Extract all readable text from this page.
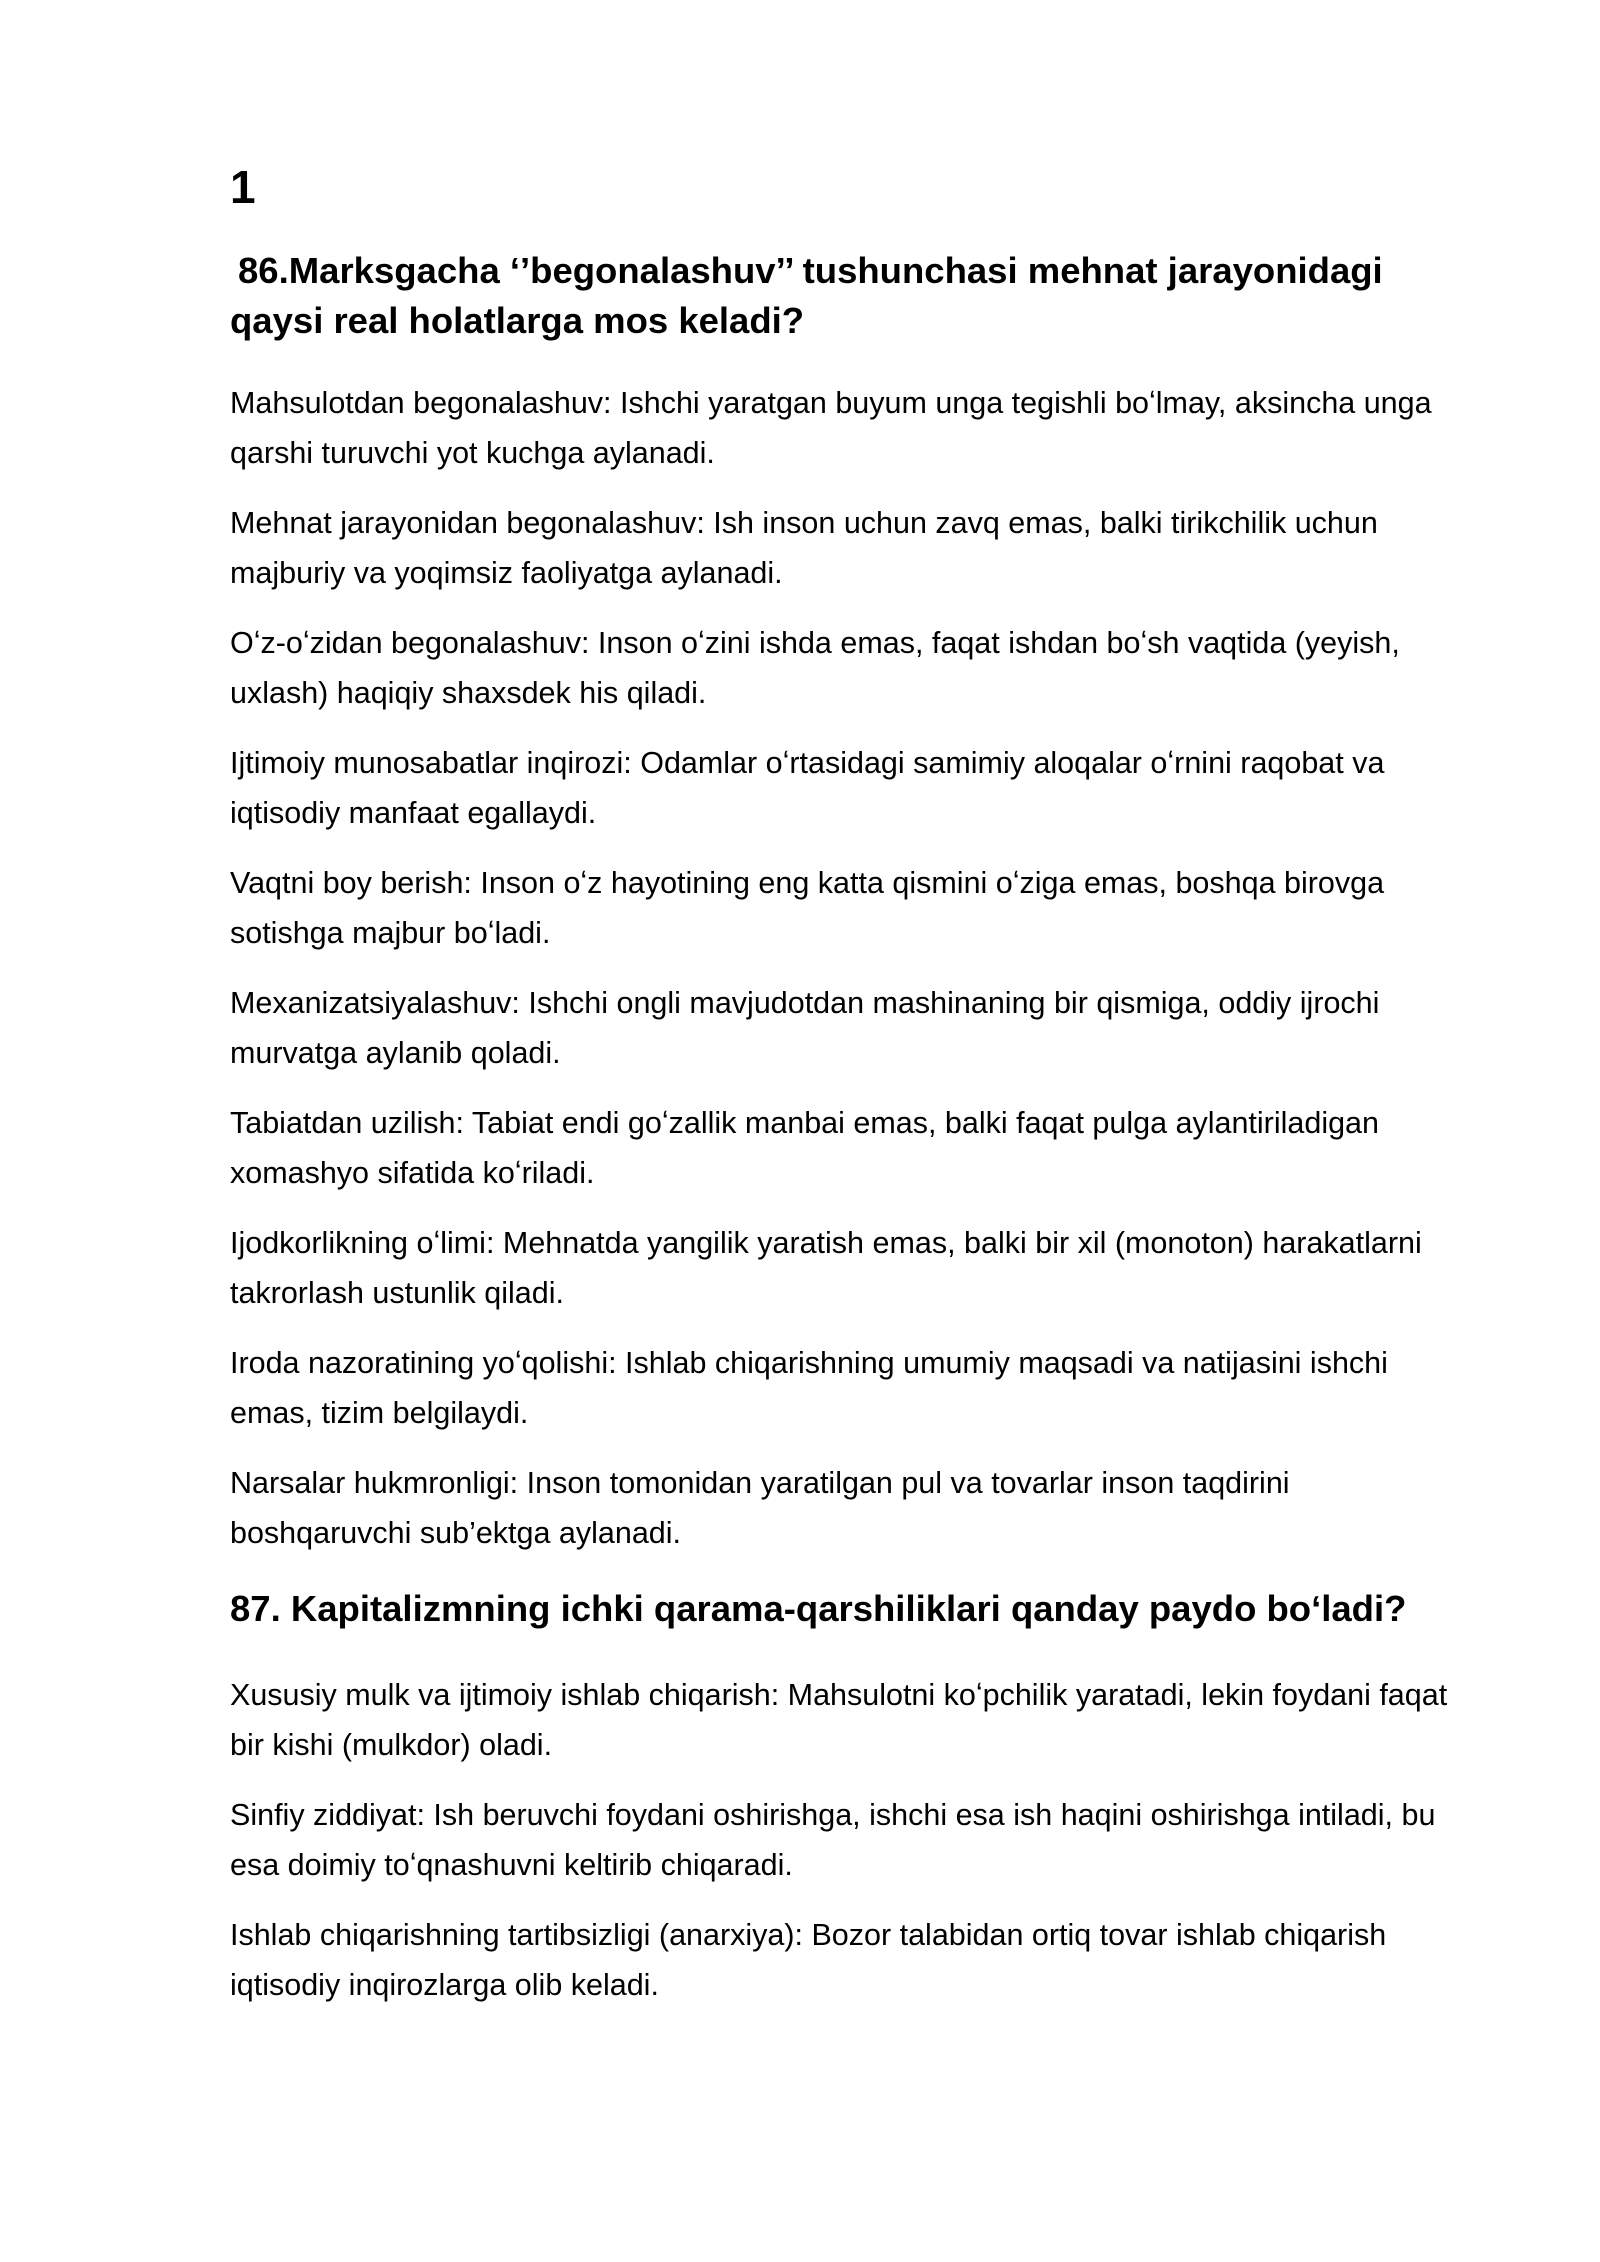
1

86.Marksgacha ‘’begonalashuv’’ tushunchasi mehnat jarayonidagi qaysi real holatlarga mos keladi?
Mahsulotdan begonalashuv: Ishchi yaratgan buyum unga tegishli boʻlmay, aksincha unga qarshi turuvchi yot kuchga aylanadi.
Mehnat jarayonidan begonalashuv: Ish inson uchun zavq emas, balki tirikchilik uchun majburiy va yoqimsiz faoliyatga aylanadi.
Oʻz-oʻzidan begonalashuv: Inson oʻzini ishda emas, faqat ishdan boʻsh vaqtida (yeyish, uxlash) haqiqiy shaxsdek his qiladi.
Ijtimoiy munosabatlar inqirozi: Odamlar oʻrtasidagi samimiy aloqalar oʻrnini raqobat va iqtisodiy manfaat egallaydi.
Vaqtni boy berish: Inson oʻz hayotining eng katta qismini oʻziga emas, boshqa birovga sotishga majbur boʻladi.
Mexanizatsiyalashuv: Ishchi ongli mavjudotdan mashinaning bir qismiga, oddiy ijrochi murvatga aylanib qoladi.
Tabiatdan uzilish: Tabiat endi goʻzallik manbai emas, balki faqat pulga aylantiriladigan xomashyo sifatida koʻriladi.
Ijodkorlikning oʻlimi: Mehnatda yangilik yaratish emas, balki bir xil (monoton) harakatlarni takrorlash ustunlik qiladi.
Iroda nazoratining yoʻqolishi: Ishlab chiqarishning umumiy maqsadi va natijasini ishchi emas, tizim belgilaydi.
Narsalar hukmronligi: Inson tomonidan yaratilgan pul va tovarlar inson taqdirini boshqaruvchi sub’ektga aylanadi.
87. Kapitalizmning ichki qarama-qarshiliklari qanday paydo boʻladi?
Xususiy mulk va ijtimoiy ishlab chiqarish: Mahsulotni koʻpchilik yaratadi, lekin foydani faqat bir kishi (mulkdor) oladi.
Sinfiy ziddiyat: Ish beruvchi foydani oshirishga, ishchi esa ish haqini oshirishga intiladi, bu esa doimiy toʻqnashuvni keltirib chiqaradi.
Ishlab chiqarishning tartibsizligi (anarxiya): Bozor talabidan ortiq tovar ishlab chiqarish iqtisodiy inqirozlarga olib keladi.
